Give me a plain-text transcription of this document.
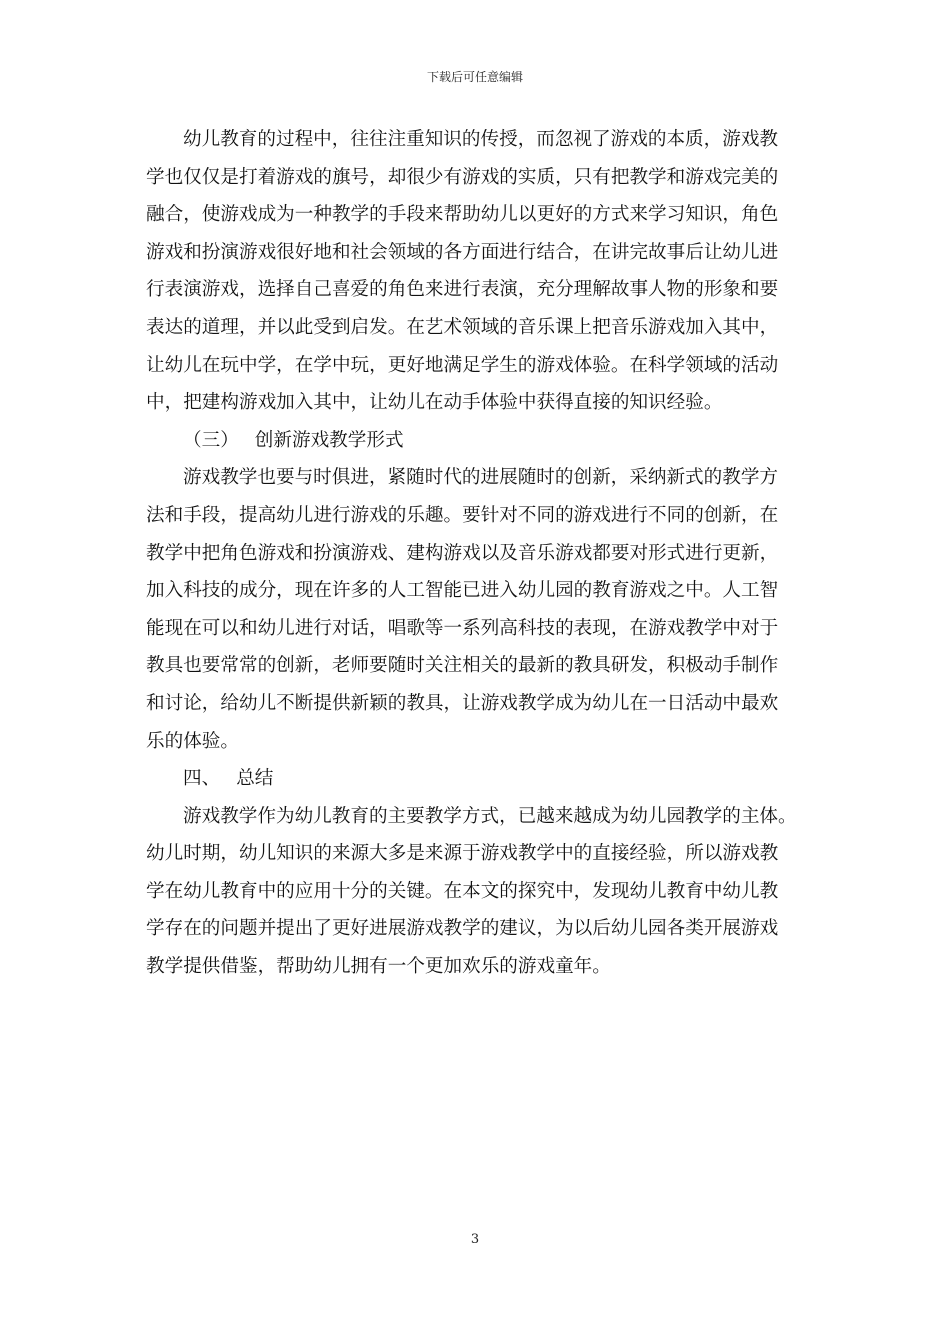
下载后可任意编辑
幼儿教育的过程中，往往注重知识的传授，而忽视了游戏的本质，游戏教
学也仅仅是打着游戏的旗号，却很少有游戏的实质，只有把教学和游戏完美的
融合，使游戏成为一种教学的手段来帮助幼儿以更好的方式来学习知识，角色
游戏和扮演游戏很好地和社会领域的各方面进行结合，在讲完故事后让幼儿进
行表演游戏，选择自己喜爱的角色来进行表演，充分理解故事人物的形象和要
表达的道理，并以此受到启发。在艺术领域的音乐课上把音乐游戏加入其中，
让幼儿在玩中学，在学中玩，更好地满足学生的游戏体验。在科学领域的活动
中，把建构游戏加入其中，让幼儿在动手体验中获得直接的知识经验。
（三） 创新游戏教学形式
游戏教学也要与时俱进，紧随时代的进展随时的创新，采纳新式的教学方
法和手段，提高幼儿进行游戏的乐趣。要针对不同的游戏进行不同的创新，在
教学中把角色游戏和扮演游戏、建构游戏以及音乐游戏都要对形式进行更新，
加入科技的成分，现在许多的人工智能已进入幼儿园的教育游戏之中。人工智
能现在可以和幼儿进行对话，唱歌等一系列高科技的表现，在游戏教学中对于
教具也要常常的创新，老师要随时关注相关的最新的教具研发，积极动手制作
和讨论，给幼儿不断提供新颖的教具，让游戏教学成为幼儿在一日活动中最欢
乐的体验。
四、 总结
游戏教学作为幼儿教育的主要教学方式，已越来越成为幼儿园教学的主体。
幼儿时期，幼儿知识的来源大多是来源于游戏教学中的直接经验，所以游戏教
学在幼儿教育中的应用十分的关键。在本文的探究中，发现幼儿教育中幼儿教
学存在的问题并提出了更好进展游戏教学的建议，为以后幼儿园各类开展游戏
教学提供借鉴，帮助幼儿拥有一个更加欢乐的游戏童年。
3
